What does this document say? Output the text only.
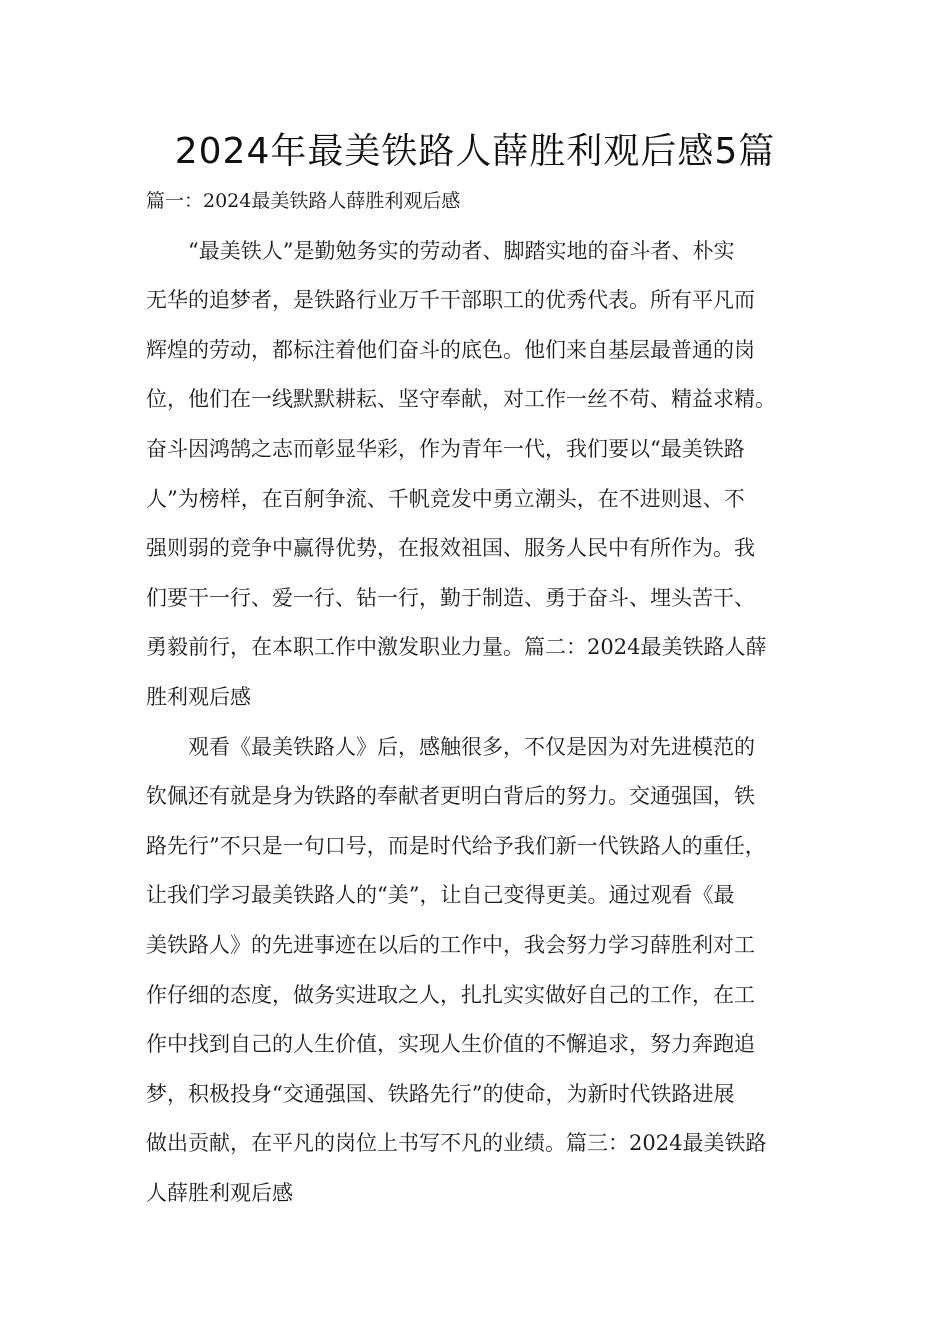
2024年最美铁路人薛胜利观后感5篇
篇一：2024最美铁路人薛胜利观后感
　　“最美铁人”是勤勉务实的劳动者、脚踏实地的奋斗者、朴实
无华的追梦者，是铁路行业万千干部职工的优秀代表。所有平凡而
辉煌的劳动，都标注着他们奋斗的底色。他们来自基层最普通的岗
位，他们在一线默默耕耘、坚守奉献，对工作一丝不苟、精益求精。
奋斗因鸿鹄之志而彰显华彩，作为青年一代，我们要以“最美铁路
人”为榜样，在百舸争流、千帆竞发中勇立潮头，在不进则退、不
强则弱的竞争中赢得优势，在报效祖国、服务人民中有所作为。我
们要干一行、爱一行、钻一行，勤于制造、勇于奋斗、埋头苦干、
勇毅前行，在本职工作中激发职业力量。篇二：2024最美铁路人薛
胜利观后感
　　观看《最美铁路人》后，感触很多，不仅是因为对先进模范的
钦佩还有就是身为铁路的奉献者更明白背后的努力。交通强国，铁
路先行”不只是一句口号，而是时代给予我们新一代铁路人的重任，
让我们学习最美铁路人的“美”，让自己变得更美。通过观看《最
美铁路人》的先进事迹在以后的工作中，我会努力学习薛胜利对工
作仔细的态度，做务实进取之人，扎扎实实做好自己的工作，在工
作中找到自己的人生价值，实现人生价值的不懈追求，努力奔跑追
梦，积极投身“交通强国、铁路先行”的使命，为新时代铁路进展
做出贡献，在平凡的岗位上书写不凡的业绩。篇三：2024最美铁路
人薛胜利观后感
